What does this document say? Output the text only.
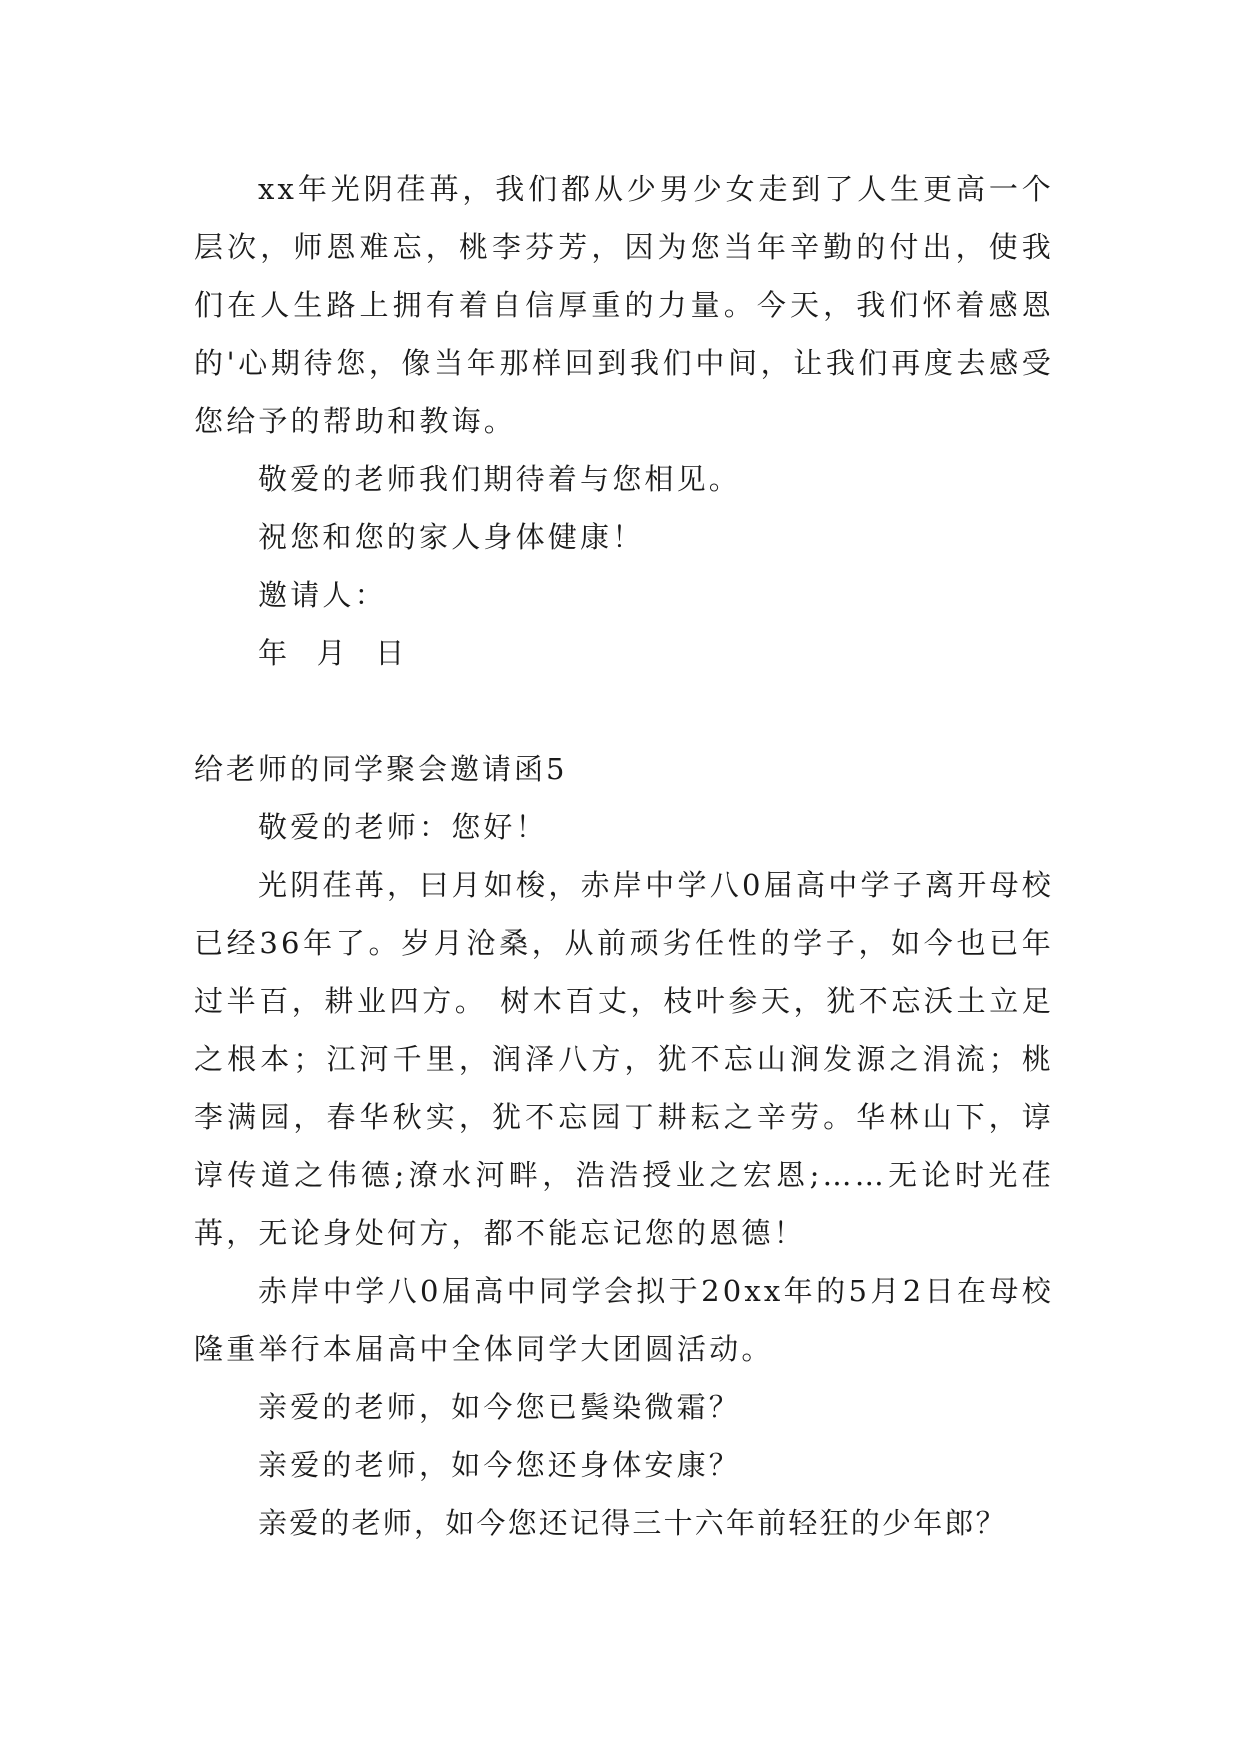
xx年光阴荏苒，我们都从少男少女走到了人生更高一个层次，师恩难忘，桃李芬芳，因为您当年辛勤的付出，使我们在人生路上拥有着自信厚重的力量。今天，我们怀着感恩的'心期待您，像当年那样回到我们中间，让我们再度去感受您给予的帮助和教诲。

敬爱的老师我们期待着与您相见。

祝您和您的家人身体健康！

邀请人：

年 月 日

给老师的同学聚会邀请函5

敬爱的老师：您好！

光阴荏苒，曰月如梭，赤岸中学八0届高中学子离开母校已经36年了。岁月沧桑，从前顽劣任性的学子，如今也已年过半百，耕业四方。 树木百丈，枝叶参天，犹不忘沃土立足之根本；江河千里，润泽八方，犹不忘山涧发源之涓流；桃李满园，春华秋实，犹不忘园丁耕耘之辛劳。华林山下，谆谆传道之伟德;潦水河畔，浩浩授业之宏恩;……无论时光荏苒，无论身处何方，都不能忘记您的恩德！

赤岸中学八0届高中同学会拟于20xx年的5月2日在母校隆重举行本届高中全体同学大团圆活动。

亲爱的老师，如今您已鬓染微霜？

亲爱的老师，如今您还身体安康？

亲爱的老师，如今您还记得三十六年前轻狂的少年郎？
